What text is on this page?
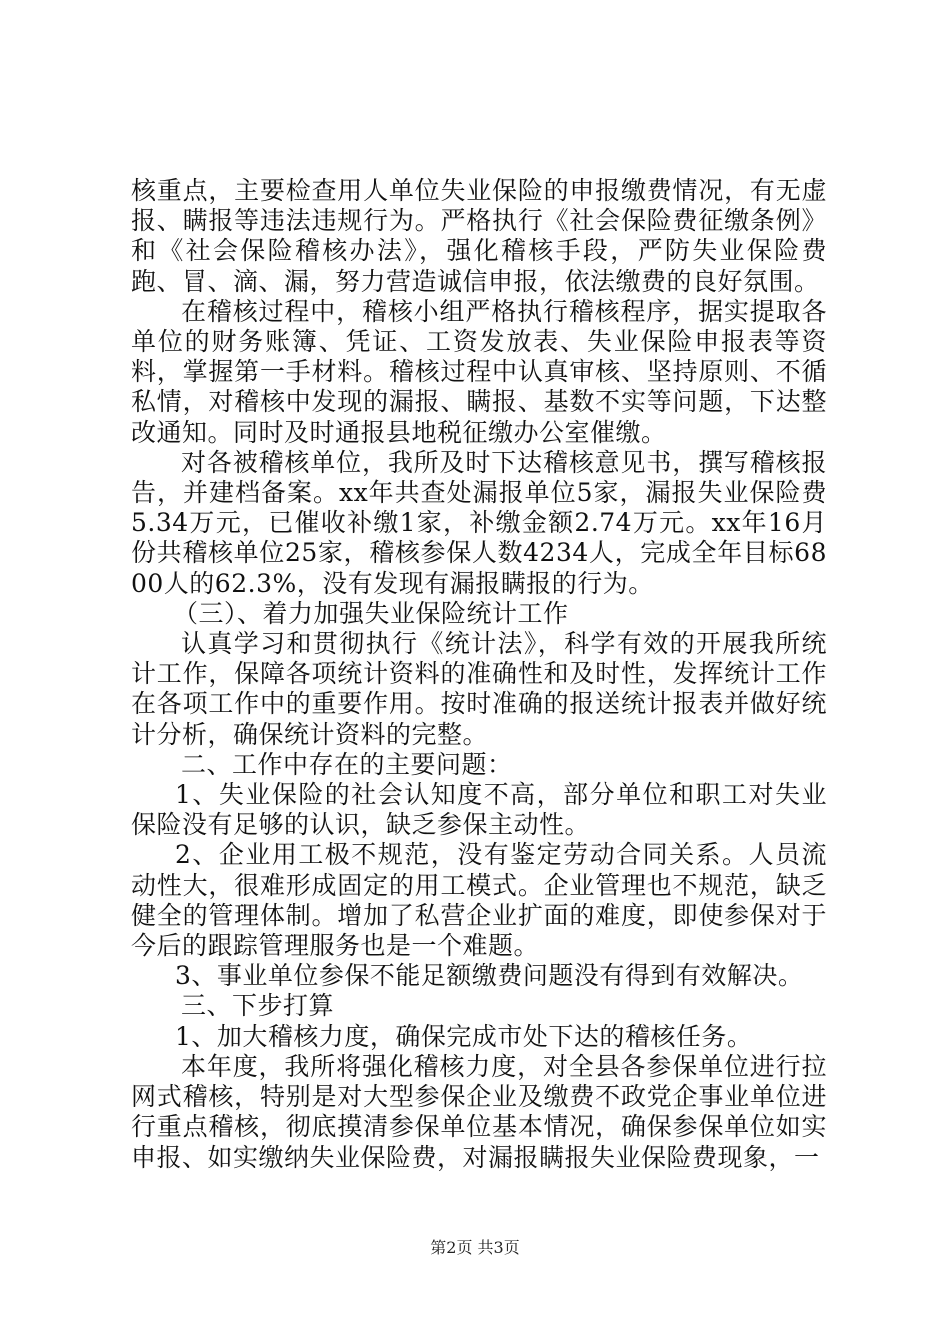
核重点，主要检查用人单位失业保险的申报缴费情况，有无虚报、瞒报等违法违规行为。严格执行《社会保险费征缴条例》和《社会保险稽核办法》，强化稽核手段，严防失业保险费跑、冒、滴、漏，努力营造诚信申报，依法缴费的良好氛围。

在稽核过程中，稽核小组严格执行稽核程序，据实提取各单位的财务账簿、凭证、工资发放表、失业保险申报表等资料，掌握第一手材料。稽核过程中认真审核、坚持原则、不循私情，对稽核中发现的漏报、瞒报、基数不实等问题，下达整改通知。同时及时通报县地税征缴办公室催缴。

对各被稽核单位，我所及时下达稽核意见书，撰写稽核报告，并建档备案。xx年共查处漏报单位5家，漏报失业保险费5.34万元，已催收补缴1家，补缴金额2.74万元。xx年16月份共稽核单位25家，稽核参保人数4234人，完成全年目标6800人的62.3%，没有发现有漏报瞒报的行为。

（三）、着力加强失业保险统计工作

认真学习和贯彻执行《统计法》，科学有效的开展我所统计工作，保障各项统计资料的准确性和及时性，发挥统计工作在各项工作中的重要作用。按时准确的报送统计报表并做好统计分析，确保统计资料的完整。

二、工作中存在的主要问题：

1、失业保险的社会认知度不高，部分单位和职工对失业保险没有足够的认识，缺乏参保主动性。

2、企业用工极不规范，没有鉴定劳动合同关系。人员流动性大，很难形成固定的用工模式。企业管理也不规范，缺乏健全的管理体制。增加了私营企业扩面的难度，即使参保对于今后的跟踪管理服务也是一个难题。

3、事业单位参保不能足额缴费问题没有得到有效解决。

三、下步打算

1、加大稽核力度，确保完成市处下达的稽核任务。

本年度，我所将强化稽核力度，对全县各参保单位进行拉网式稽核，特别是对大型参保企业及缴费不政党企事业单位进行重点稽核，彻底摸清参保单位基本情况，确保参保单位如实申报、如实缴纳失业保险费，对漏报瞒报失业保险费现象，一

第2页 共3页
